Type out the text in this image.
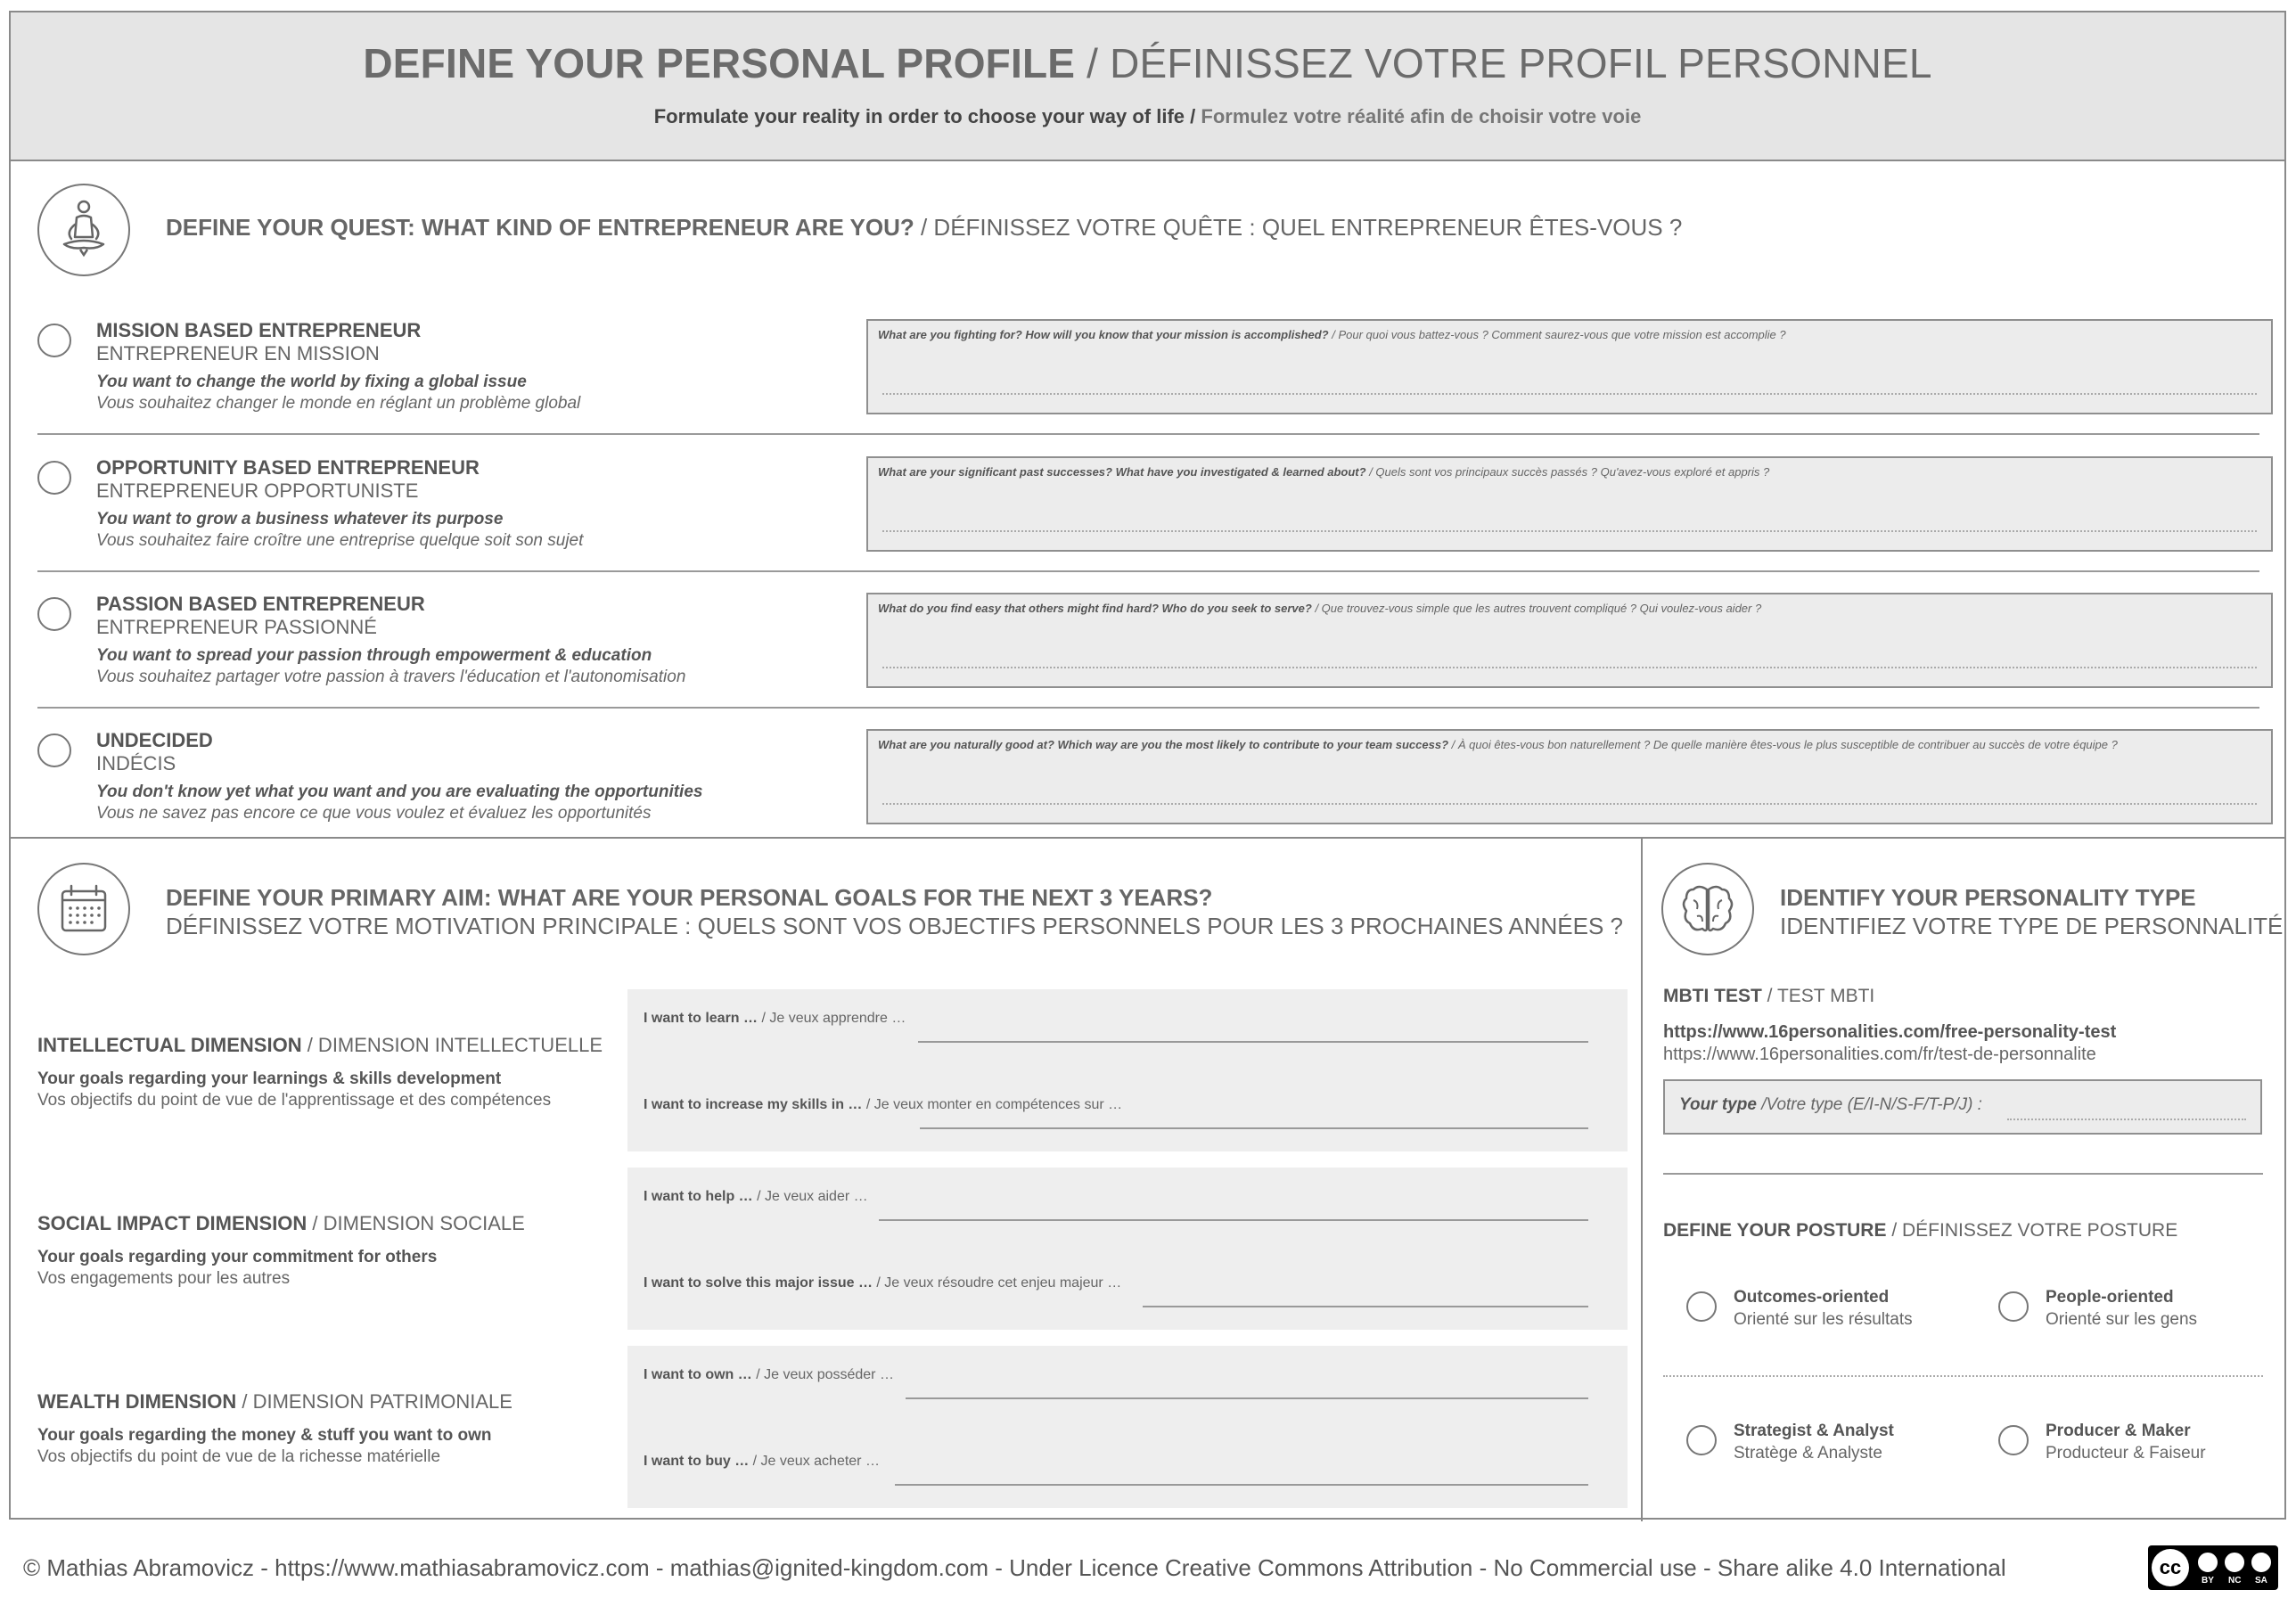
DEFINE YOUR PERSONAL PROFILE / DÉFINISSEZ VOTRE PROFIL PERSONNEL
Formulate your reality in order to choose your way of life / Formulez votre réalité afin de choisir votre voie
DEFINE YOUR QUEST: WHAT KIND OF ENTREPRENEUR ARE YOU? / DÉFINISSEZ VOTRE QUÊTE : QUEL ENTREPRENEUR ÊTES-VOUS ?
DEFINE YOUR PRIMARY AIM: WHAT ARE YOUR PERSONAL GOALS FOR THE NEXT 3 YEARS?
DÉFINISSEZ VOTRE MOTIVATION PRINCIPALE : QUELS SONT VOS OBJECTIFS PERSONNELS POUR LES 3 PROCHAINES ANNÉES ?
IDENTIFY YOUR PERSONALITY TYPE
IDENTIFIEZ VOTRE TYPE DE PERSONNALITÉ
MBTI TEST / TEST MBTI
https://www.16personalities.com/free-personality-test
https://www.16personalities.com/fr/test-de-personnalite
Your type /Votre type (E/I-N/S-F/T-P/J) :
DEFINE YOUR POSTURE / DÉFINISSEZ VOTRE POSTURE
Outcomes-oriented
Orienté sur les résultats
People-oriented
Orienté sur les gens
Strategist & Analyst
Stratège & Analyste
Producer & Maker
Producteur & Faiseur
MISSION BASED ENTREPRENEUR
ENTREPRENEUR EN MISSION
You want to change the world by fixing a global issue
Vous souhaitez changer le monde en réglant un problème global
What are you fighting for? How will you know that your mission is accomplished? / Pour quoi vous battez-vous ? Comment saurez-vous que votre mission est accomplie ?
OPPORTUNITY BASED ENTREPRENEUR
ENTREPRENEUR OPPORTUNISTE
You want to grow a business whatever its purpose
Vous souhaitez faire croître une entreprise quelque soit son sujet
What are your significant past successes? What have you investigated & learned about? / Quels sont vos principaux succès passés ? Qu'avez-vous exploré et appris ?
PASSION BASED ENTREPRENEUR
ENTREPRENEUR PASSIONNÉ
You want to spread your passion through empowerment & education
Vous souhaitez partager votre passion à travers l'éducation et l'autonomisation
What do you find easy that others might find hard? Who do you seek to serve? / Que trouvez-vous simple que les autres trouvent compliqué ? Qui voulez-vous aider ?
UNDECIDED
INDÉCIS
You don't know yet what you want and you are evaluating the opportunities
Vous ne savez pas encore ce que vous voulez et évaluez les opportunités
What are you naturally good at? Which way are you the most likely to contribute to your team success? / À quoi êtes-vous bon naturellement ? De quelle manière êtes-vous le plus susceptible de contribuer au succès de votre équipe ?
INTELLECTUAL DIMENSION / DIMENSION INTELLECTUELLE
Your goals regarding your learnings & skills development
Vos objectifs du point de vue de l'apprentissage et des compétences
I want to learn … / Je veux apprendre …
I want to increase my skills in … / Je veux monter en compétences sur …
SOCIAL IMPACT DIMENSION / DIMENSION SOCIALE
Your goals regarding your commitment for others
Vos engagements pour les autres
I want to help … / Je veux aider …
I want to solve this major issue … / Je veux résoudre cet enjeu majeur …
WEALTH DIMENSION / DIMENSION PATRIMONIALE
Your goals regarding the money & stuff you want to own
Vos objectifs du point de vue de la richesse matérielle
I want to own … / Je veux posséder …
I want to buy … / Je veux acheter …
© Mathias Abramovicz - https://www.mathiasabramovicz.com - mathias@ignited-kingdom.com - Under Licence Creative Commons Attribution - No Commercial use - Share alike 4.0 International	cc
BY NC SA
